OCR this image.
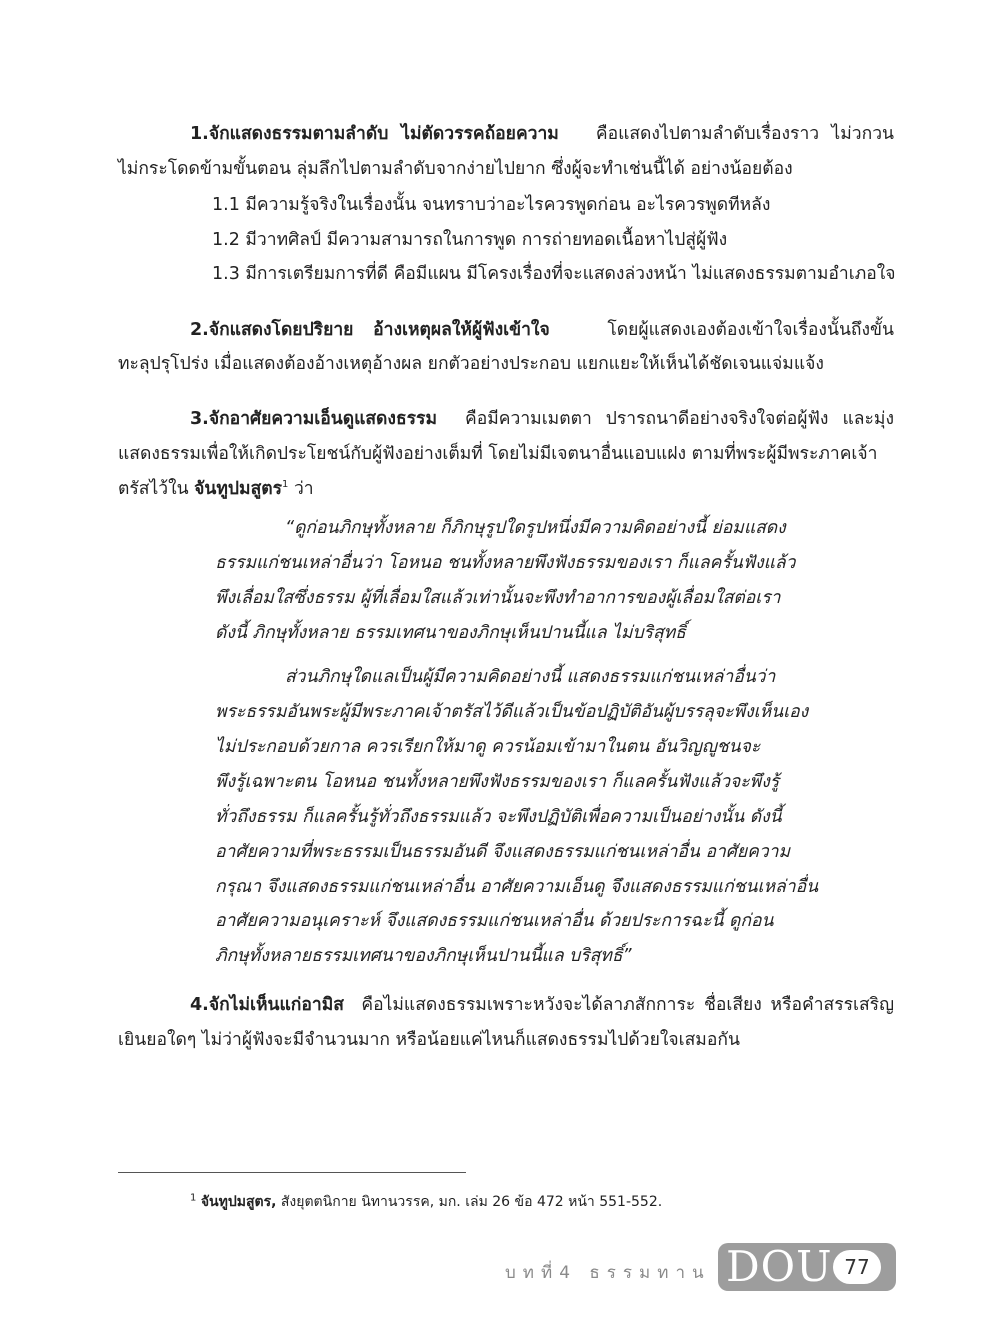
1.จักแสดงธรรมตามลำดับ ไม่ตัดวรรคถ้อยความ คือแสดงไปตามลำดับเรื่องราว ไม่วกวน
ไม่กระโดดข้ามขั้นตอน ลุ่มลึกไปตามลำดับจากง่ายไปยาก ซึ่งผู้จะทำเช่นนี้ได้ อย่างน้อยต้อง
1.1 มีความรู้จริงในเรื่องนั้น จนทราบว่าอะไรควรพูดก่อน อะไรควรพูดทีหลัง
1.2 มีวาทศิลป์ มีความสามารถในการพูด การถ่ายทอดเนื้อหาไปสู่ผู้ฟัง
1.3 มีการเตรียมการที่ดี คือมีแผน มีโครงเรื่องที่จะแสดงล่วงหน้า ไม่แสดงธรรมตามอำเภอใจ
2.จักแสดงโดยปริยาย อ้างเหตุผลให้ผู้ฟังเข้าใจ	โดยผู้แสดงเองต้องเข้าใจเรื่องนั้นถึงขั้น
ทะลุปรุโปร่ง เมื่อแสดงต้องอ้างเหตุอ้างผล ยกตัวอย่างประกอบ แยกแยะให้เห็นได้ชัดเจนแจ่มแจ้ง
3.จักอาศัยความเอ็นดูแสดงธรรม คือมีความเมตตา ปรารถนาดีอย่างจริงใจต่อผู้ฟัง และมุ่ง
แสดงธรรมเพื่อให้เกิดประโยชน์กับผู้ฟังอย่างเต็มที่ โดยไม่มีเจตนาอื่นแอบแฝง ตามที่พระผู้มีพระภาคเจ้า
ตรัสไว้ใน จันทูปมสูตร$^1$ ว่า
“ดูก่อนภิกษุทั้งหลาย ก็ภิกษุรูปใดรูปหนึ่งมีความคิดอย่างนี้ ย่อมแสดง
ธรรมแก่ชนเหล่าอื่นว่า โอหนอ ชนทั้งหลายพึงฟังธรรมของเรา ก็แลครั้นฟังแล้ว
พึงเลื่อมใสซึ่งธรรม ผู้ที่เลื่อมใสแล้วเท่านั้นจะพึงทำอาการของผู้เลื่อมใสต่อเรา
ดังนี้ ภิกษุทั้งหลาย ธรรมเทศนาของภิกษุเห็นปานนี้แล ไม่บริสุทธิ์
ส่วนภิกษุใดแลเป็นผู้มีความคิดอย่างนี้ แสดงธรรมแก่ชนเหล่าอื่นว่า
พระธรรมอันพระผู้มีพระภาคเจ้าตรัสไว้ดีแล้วเป็นข้อปฏิบัติอันผู้บรรลุจะพึงเห็นเอง
ไม่ประกอบด้วยกาล ควรเรียกให้มาดู ควรน้อมเข้ามาในตน อันวิญญูชนจะ
พึงรู้เฉพาะตน โอหนอ ชนทั้งหลายพึงฟังธรรมของเรา ก็แลครั้นฟังแล้วจะพึงรู้
ทั่วถึงธรรม ก็แลครั้นรู้ทั่วถึงธรรมแล้ว จะพึงปฏิบัติเพื่อความเป็นอย่างนั้น ดังนี้
อาศัยความที่พระธรรมเป็นธรรมอันดี จึงแสดงธรรมแก่ชนเหล่าอื่น อาศัยความ
กรุณา จึงแสดงธรรมแก่ชนเหล่าอื่น อาศัยความเอ็นดู จึงแสดงธรรมแก่ชนเหล่าอื่น
อาศัยความอนุเคราะห์ จึงแสดงธรรมแก่ชนเหล่าอื่น ด้วยประการฉะนี้ ดูก่อน
ภิกษุทั้งหลายธรรมเทศนาของภิกษุเห็นปานนี้แล บริสุทธิ์”
4.จักไม่เห็นแก่อามิส คือไม่แสดงธรรมเพราะหวังจะได้ลาภสักการะ ชื่อเสียง หรือคำสรรเสริญ
เยินยอใดๆ ไม่ว่าผู้ฟังจะมีจำนวนมาก หรือน้อยแค่ไหนก็แสดงธรรมไปด้วยใจเสมอกัน
$^1$ จันทูปมสูตร, สังยุตตนิกาย นิทานวรรค, มก. เล่ม 26 ข้อ 472 หน้า 551-552.
บทที่4 ธรรมทาน DOU 77
